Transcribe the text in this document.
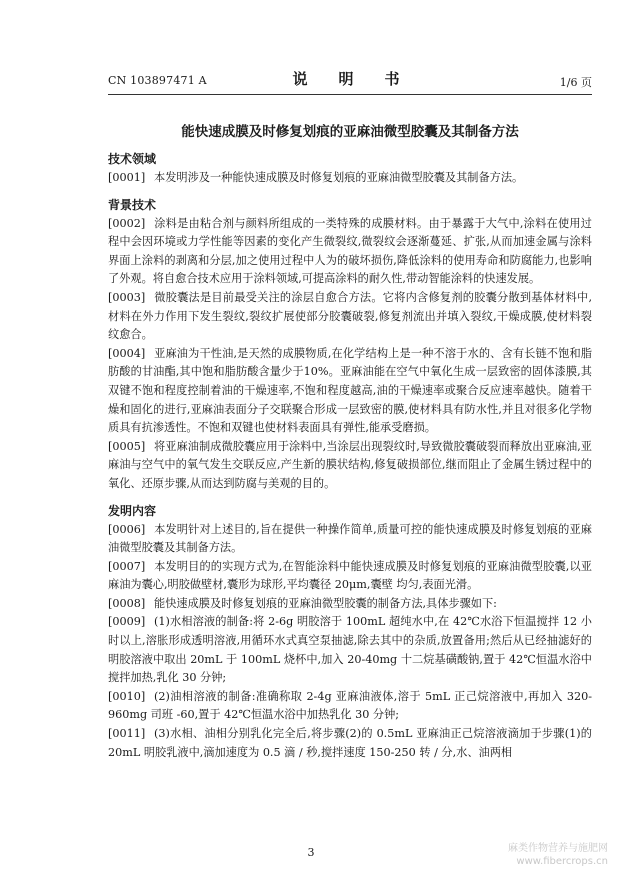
CN 103897471 A	说　明　书	1/6 页
能快速成膜及时修复划痕的亚麻油微型胶囊及其制备方法
技术领域

[0001] 本发明涉及一种能快速成膜及时修复划痕的亚麻油微型胶囊及其制备方法。

背景技术

[0002] 涂料是由粘合剂与颜料所组成的一类特殊的成膜材料。由于暴露于大气中,涂料在使用过程中会因环境或力学性能等因素的变化产生微裂纹,微裂纹会逐渐蔓延、扩张,从而加速金属与涂料界面上涂料的剥离和分层,加之使用过程中人为的破坏损伤,降低涂料的使用寿命和防腐能力,也影响了外观。将自愈合技术应用于涂料领域,可提高涂料的耐久性,带动智能涂料的快速发展。

[0003] 微胶囊法是目前最受关注的涂层自愈合方法。它将内含修复剂的胶囊分散到基体材料中,材料在外力作用下发生裂纹,裂纹扩展使部分胶囊破裂,修复剂流出并填入裂纹,干燥成膜,使材料裂纹愈合。

[0004] 亚麻油为干性油,是天然的成膜物质,在化学结构上是一种不溶于水的、含有长链不饱和脂肪酸的甘油酯,其中饱和脂肪酸含量少于10%。亚麻油能在空气中氧化生成一层致密的固体漆膜,其双键不饱和程度控制着油的干燥速率,不饱和程度越高,油的干燥速率或聚合反应速率越快。随着干燥和固化的进行,亚麻油表面分子交联聚合形成一层致密的膜,使材料具有防水性,并且对很多化学物质具有抗渗透性。不饱和双键也使材料表面具有弹性,能承受磨损。

[0005] 将亚麻油制成微胶囊应用于涂料中,当涂层出现裂纹时,导致微胶囊破裂而释放出亚麻油,亚麻油与空气中的氧气发生交联反应,产生新的膜状结构,修复破损部位,继而阻止了金属生锈过程中的氧化、还原步骤,从而达到防腐与美观的目的。

发明内容

[0006] 本发明针对上述目的,旨在提供一种操作简单,质量可控的能快速成膜及时修复划痕的亚麻油微型胶囊及其制备方法。

[0007] 本发明目的的实现方式为,在智能涂料中能快速成膜及时修复划痕的亚麻油微型胶囊,以亚麻油为囊心,明胶做壁材,囊形为球形,平均囊径 20μm,囊壁 均匀,表面光滑。

[0008] 能快速成膜及时修复划痕的亚麻油微型胶囊的制备方法,具体步骤如下:

[0009] (1)水相溶液的制备:将 2-6g 明胶溶于 100mL 超纯水中,在 42℃水浴下恒温搅拌 12 小时以上,溶胀形成透明溶液,用循环水式真空泵抽滤,除去其中的杂质,放置备用;然后从已经抽滤好的明胶溶液中取出 20mL 于 100mL 烧杯中,加入 20-40mg 十二烷基磺酸钠,置于 42℃恒温水浴中搅拌加热,乳化 30 分钟;

[0010] (2)油相溶液的制备:准确称取 2-4g 亚麻油液体,溶于 5mL 正己烷溶液中,再加入 320-960mg 司班 -60,置于 42℃恒温水浴中加热乳化 30 分钟;

[0011] (3)水相、油相分别乳化完全后,将步骤(2)的 0.5mL 亚麻油正己烷溶液滴加于步骤(1)的 20mL 明胶乳液中,滴加速度为 0.5 滴 / 秒,搅拌速度 150-250 转 / 分,水、油两相

3	麻类作物营养与施肥网
www.fibercrops.cn
